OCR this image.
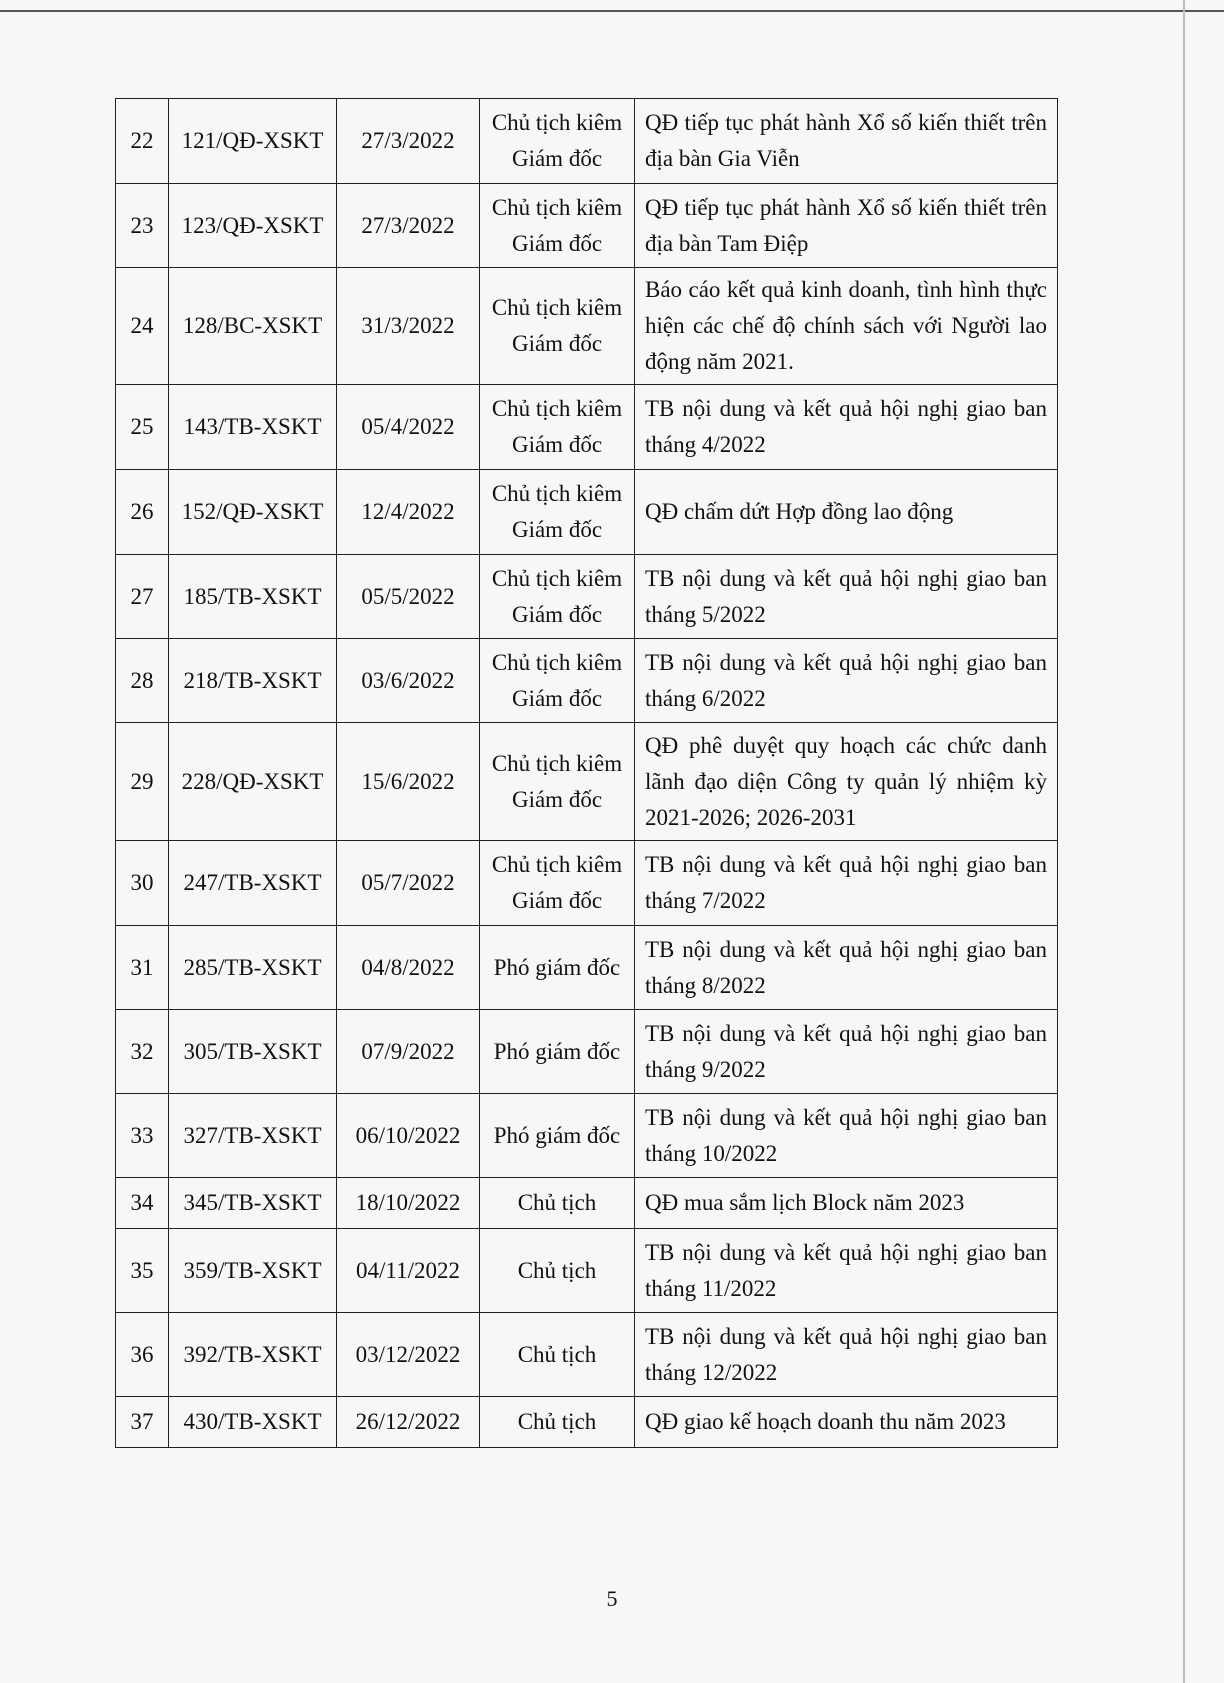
22	121/QĐ-XSKT	27/3/2022	Chủ tịch kiêm Giám đốc	QĐ tiếp tục phát hành Xổ số kiến thiết trên địa bàn Gia Viễn
23	123/QĐ-XSKT	27/3/2022	Chủ tịch kiêm Giám đốc	QĐ tiếp tục phát hành Xổ số kiến thiết trên địa bàn Tam Điệp
24	128/BC-XSKT	31/3/2022	Chủ tịch kiêm Giám đốc	Báo cáo kết quả kinh doanh, tình hình thực hiện các chế độ chính sách với Người lao động năm 2021.
25	143/TB-XSKT	05/4/2022	Chủ tịch kiêm Giám đốc	TB nội dung và kết quả hội nghị giao ban tháng 4/2022
26	152/QĐ-XSKT	12/4/2022	Chủ tịch kiêm Giám đốc	QĐ chấm dứt Hợp đồng lao động
27	185/TB-XSKT	05/5/2022	Chủ tịch kiêm Giám đốc	TB nội dung và kết quả hội nghị giao ban tháng 5/2022
28	218/TB-XSKT	03/6/2022	Chủ tịch kiêm Giám đốc	TB nội dung và kết quả hội nghị giao ban tháng 6/2022
29	228/QĐ-XSKT	15/6/2022	Chủ tịch kiêm Giám đốc	QĐ phê duyệt quy hoạch các chức danh lãnh đạo diện Công ty quản lý nhiệm kỳ 2021-2026; 2026-2031
30	247/TB-XSKT	05/7/2022	Chủ tịch kiêm Giám đốc	TB nội dung và kết quả hội nghị giao ban tháng 7/2022
31	285/TB-XSKT	04/8/2022	Phó giám đốc	TB nội dung và kết quả hội nghị giao ban tháng 8/2022
32	305/TB-XSKT	07/9/2022	Phó giám đốc	TB nội dung và kết quả hội nghị giao ban tháng 9/2022
33	327/TB-XSKT	06/10/2022	Phó giám đốc	TB nội dung và kết quả hội nghị giao ban tháng 10/2022
34	345/TB-XSKT	18/10/2022	Chủ tịch	QĐ mua sắm lịch Block năm 2023
35	359/TB-XSKT	04/11/2022	Chủ tịch	TB nội dung và kết quả hội nghị giao ban tháng 11/2022
36	392/TB-XSKT	03/12/2022	Chủ tịch	TB nội dung và kết quả hội nghị giao ban tháng 12/2022
37	430/TB-XSKT	26/12/2022	Chủ tịch	QĐ giao kế hoạch doanh thu năm 2023
5
